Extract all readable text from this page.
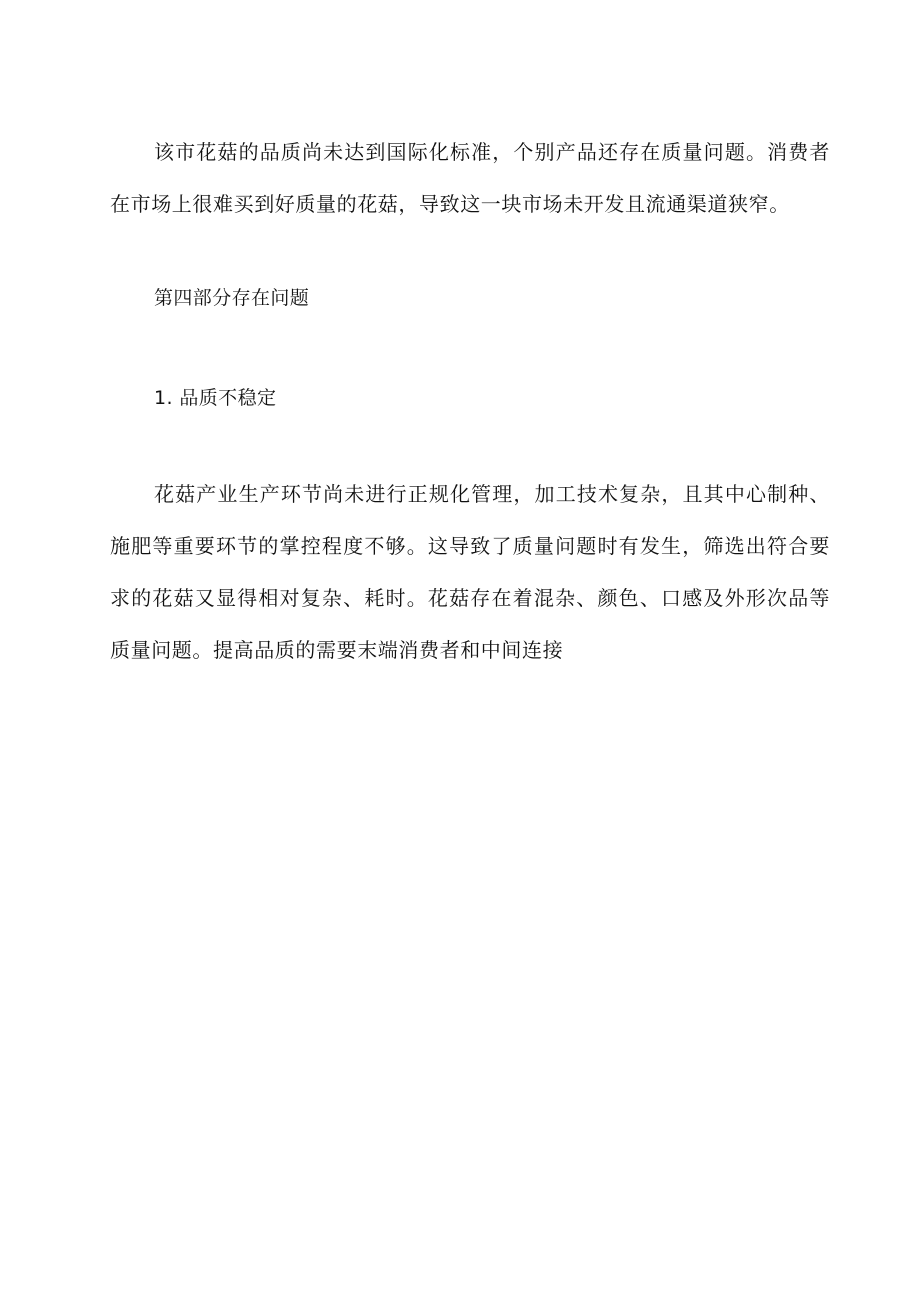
该市花菇的品质尚未达到国际化标准，个别产品还存在质量问题。消费者在市场上很难买到好质量的花菇，导致这一块市场未开发且流通渠道狭窄。

第四部分存在问题

1. 品质不稳定

花菇产业生产环节尚未进行正规化管理，加工技术复杂，且其中心制种、施肥等重要环节的掌控程度不够。这导致了质量问题时有发生，筛选出符合要求的花菇又显得相对复杂、耗时。花菇存在着混杂、颜色、口感及外形次品等质量问题。提高品质的需要末端消费者和中间连接
